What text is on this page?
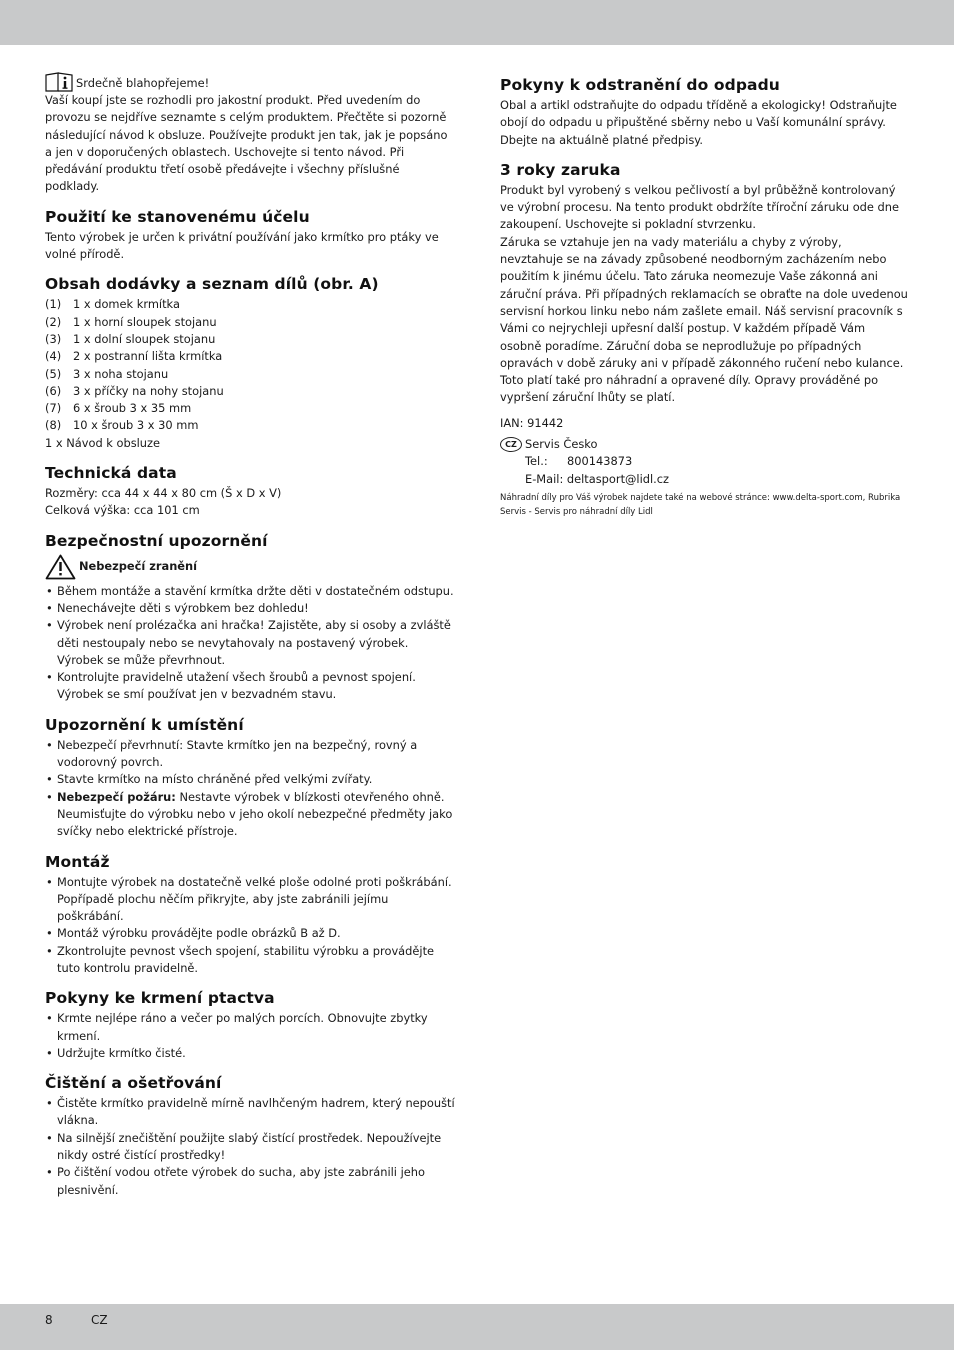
Srdečně blahopřejeme!

Vaší koupí jste se rozhodli pro jakostní produkt. Před uvedením do provozu se nejdříve seznamte s celým produktem. Přečtěte si pozorně následující návod k obsluze. Používejte produkt jen tak, jak je popsáno a jen v doporučených oblastech. Uschovejte si tento návod. Při předávání produktu třetí osobě předávejte i všechny příslušné podklady.

Použití ke stanovenému účelu

Tento výrobek je určen k privátní používání jako krmítko pro ptáky ve volné přírodě.

Obsah dodávky a seznam dílů (obr. A)
(1)	1 x domek krmítka
(2)	1 x horní sloupek stojanu
(3)	1 x dolní sloupek stojanu
(4)	2 x postranní lišta krmítka
(5)	3 x noha stojanu
(6)	3 x příčky na nohy stojanu
(7)	6 x šroub 3 x 35 mm
(8)	10 x šroub 3 x 30 mm

1 x Návod k obsluze

Technická data

Rozměry: cca 44 x 44 x 80 cm (Š x D x V)

Celková výška: cca 101 cm

Bezpečnostní upozornění
Nebezpečí zranění
• Během montáže a stavění krmítka držte děti v dostatečném odstupu.
• Nenechávejte děti s výrobkem bez dohledu!
• Výrobek není prolézačka ani hračka! Zajistěte, aby si osoby a zvláště děti nestoupaly nebo se nevytahovaly na postavený výrobek. Výrobek se může převrhnout.
• Kontrolujte pravidelně utažení všech šroubů a pevnost spojení. Výrobek se smí používat jen v bezvadném stavu.
Upozornění k umístění
• Nebezpečí převrhnutí: Stavte krmítko jen na bezpečný, rovný a vodorovný povrch.
• Stavte krmítko na místo chráněné před velkými zvířaty.
• Nebezpečí požáru: Nestavte výrobek v blízkosti otevřeného ohně. Neumisťujte do výrobku nebo v jeho okolí nebezpečné předměty jako svíčky nebo elektrické přístroje.
Montáž
• Montujte výrobek na dostatečně velké ploše odolné proti poškrábání. Popřípadě plochu něčím přikryjte, aby jste zabránili jejímu poškrábání.
• Montáž výrobku provádějte podle obrázků B až D.
• Zkontrolujte pevnost všech spojení, stabilitu výrobku a provádějte tuto kontrolu pravidelně.
Pokyny ke krmení ptactva
• Krmte nejlépe ráno a večer po malých porcích. Obnovujte zbytky krmení.
• Udržujte krmítko čisté.
Čištění a ošetřování
• Čistěte krmítko pravidelně mírně navlhčeným hadrem, který nepouští vlákna.
• Na silnější znečištění použijte slabý čistící prostředek. Nepoužívejte nikdy ostré čistící prostředky!
• Po čištění vodou otřete výrobek do sucha, aby jste zabránili jeho plesnivění.
Pokyny k odstranění do odpadu

Obal a artikl odstraňujte do odpadu tříděně a ekologicky! Odstraňujte obojí do odpadu u připuštěné sběrny nebo u Vaší komunální správy. Dbejte na aktuálně platné předpisy.

3 roky zaruka

Produkt byl vyrobený s velkou pečlivostí a byl průběžně kontrolovaný ve výrobní procesu. Na tento produkt obdržíte tříroční záruku ode dne zakoupení. Uschovejte si pokladní stvrzenku.

Záruka se vztahuje jen na vady materiálu a chyby z výroby, nevztahuje se na závady způsobené neodborným zacházením nebo použitím k jinému účelu. Tato záruka neomezuje Vaše zákonná ani záruční práva. Při případných reklamacích se obraťte na dole uvedenou servisní horkou linku nebo nám zašlete email. Náš servisní pracovník s Vámi co nejrychleji upřesní další postup. V každém případě Vám osobně poradíme. Záruční doba se neprodlužuje po případných opravách v době záruky ani v případě zákonného ručení nebo kulance. Toto platí také pro náhradní a opravené díly. Opravy prováděné po vypršení záruční lhůty se platí.

IAN: 91442

CZ Servis Česko
Tel.:	800143873
E-Mail: deltasport@lidl.cz

Náhradní díly pro Váš výrobek najdete také na webové stránce: www.delta-sport.com, Rubrika Servis - Servis pro náhradní díly Lidl

8	CZ
